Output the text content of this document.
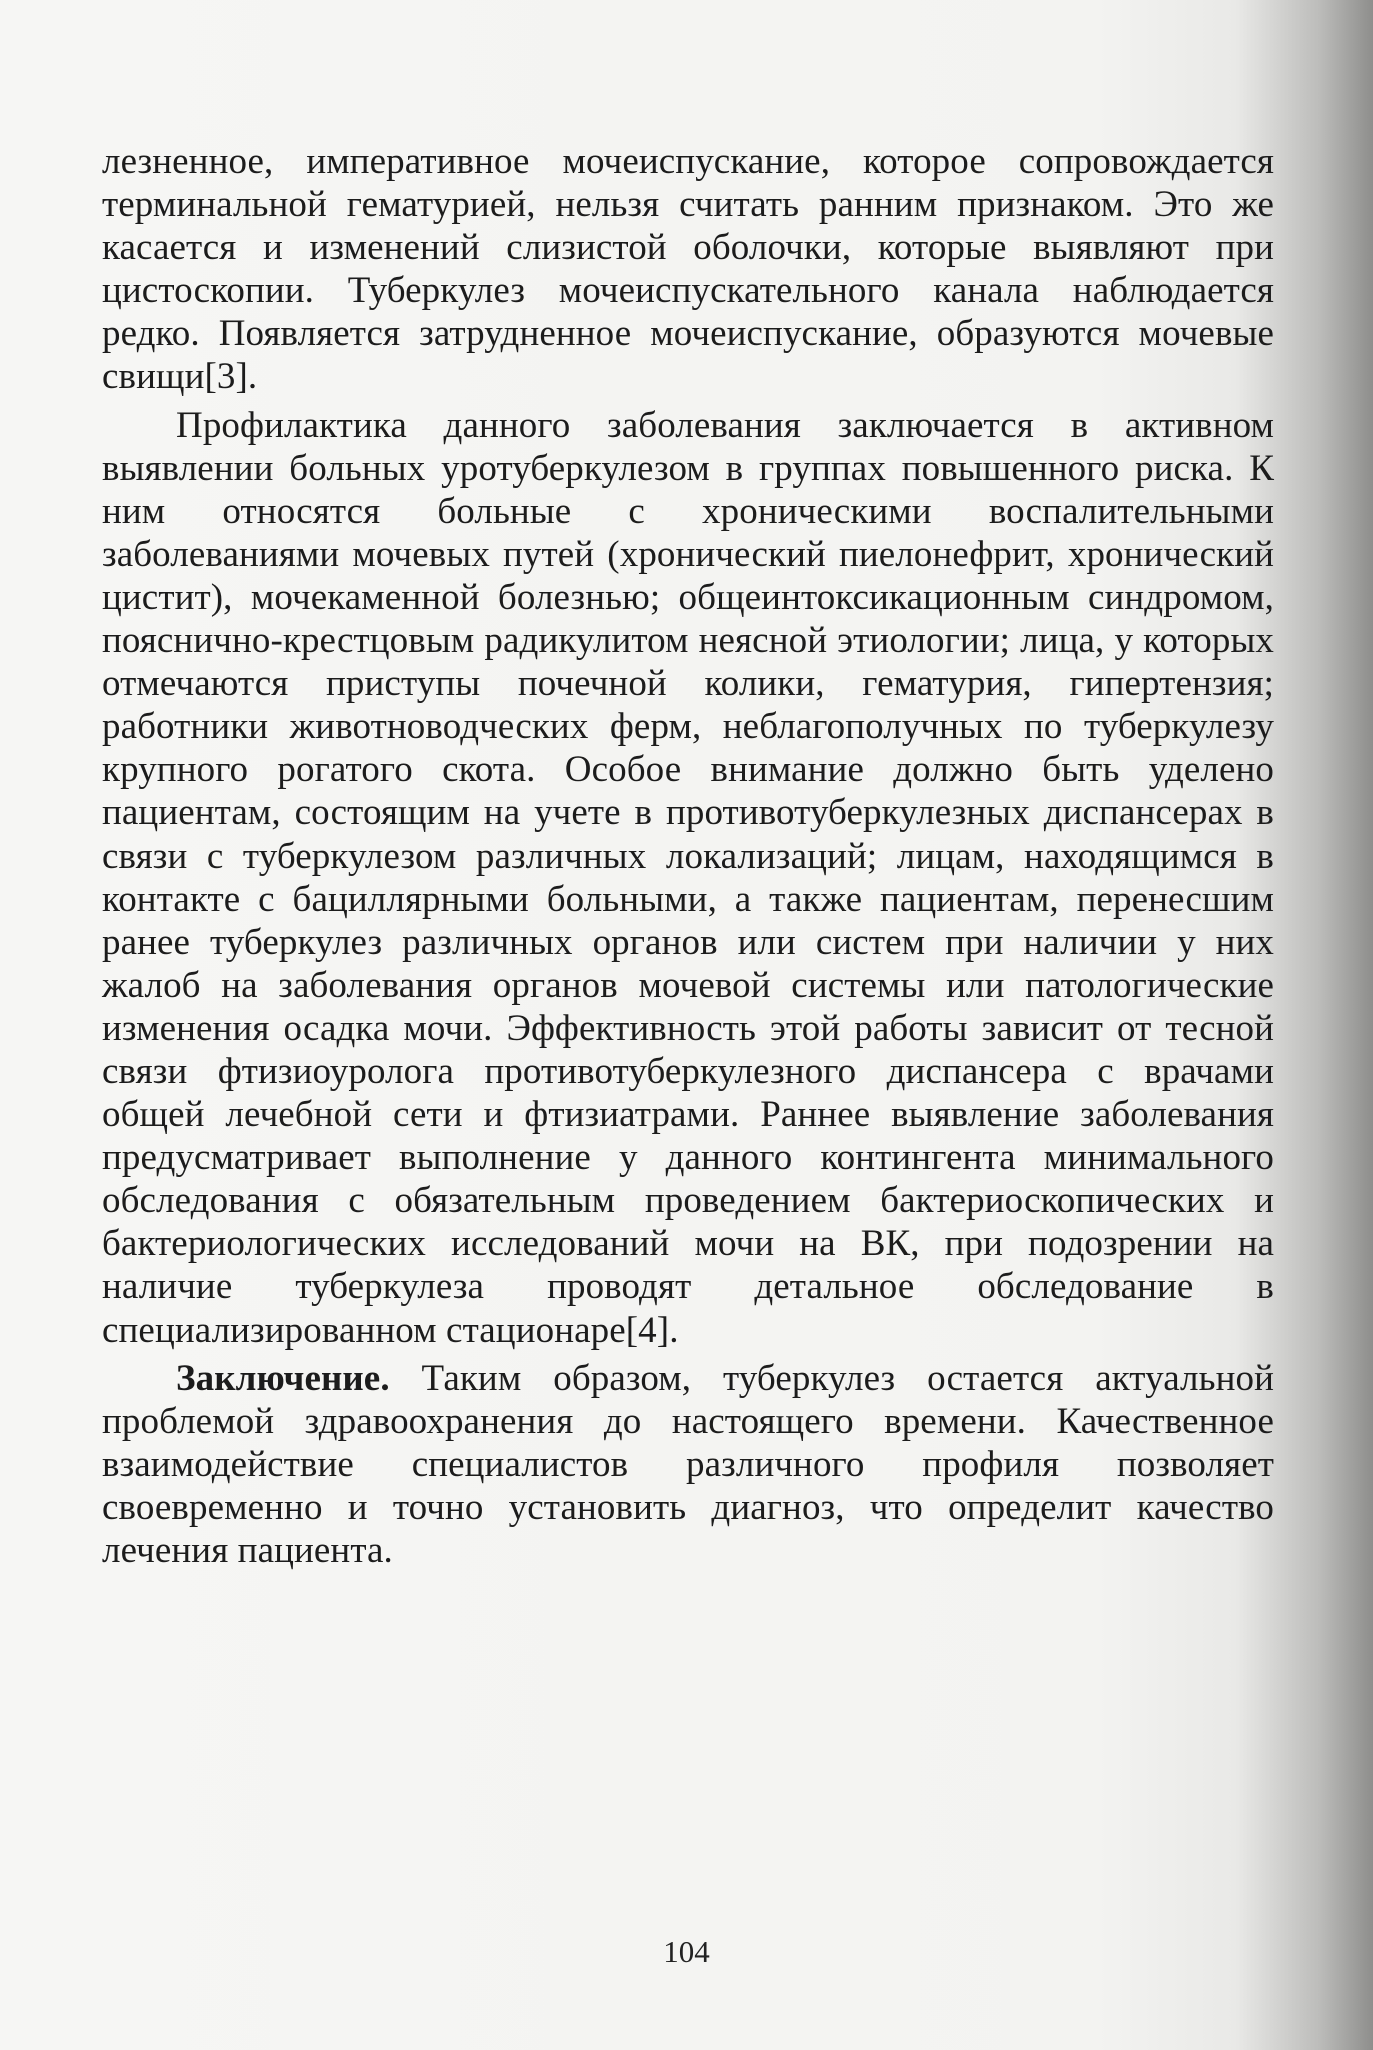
лезненное, императивное мочеиспускание, которое сопровождается терминальной гематурией, нельзя считать ранним признаком. Это же касается и изменений слизистой оболочки, которые выявляют при цистоскопии. Туберкулез мочеиспускательного канала наблюдается редко. Появляется затрудненное мочеиспускание, образуются мочевые свищи[3].

Профилактика данного заболевания заключается в активном выявлении больных уротуберкулезом в группах повышенного риска. К ним относятся больные с хроническими воспалительными заболеваниями мочевых путей (хронический пиелонефрит, хронический цистит), мочекаменной болезнью; общеинтоксикационным синдромом, пояснично-крестцовым радикулитом неясной этиологии; лица, у которых отмечаются приступы почечной колики, гематурия, гипертензия; работники животноводческих ферм, неблагополучных по туберкулезу крупного рогатого скота. Особое внимание должно быть уделено пациентам, состоящим на учете в противотуберкулезных диспансерах в связи с туберкулезом различных локализаций; лицам, находящимся в контакте с бациллярными больными, а также пациентам, перенесшим ранее туберкулез различных органов или систем при наличии у них жалоб на заболевания органов мочевой системы или патологические изменения осадка мочи. Эффективность этой работы зависит от тесной связи фтизиоуролога противотуберкулезного диспансера с врачами общей лечебной сети и фтизиатрами. Раннее выявление заболевания предусматривает выполнение у данного контингента минимального обследования с обязательным проведением бактериоскопических и бактериологических исследований мочи на ВК, при подозрении на наличие туберкулеза проводят детальное обследование в специализированном стационаре[4].

Заключение. Таким образом, туберкулез остается актуальной проблемой здравоохранения до настоящего времени. Качественное взаимодействие специалистов различного профиля позволяет своевременно и точно установить диагноз, что определит качество лечения пациента.

104
